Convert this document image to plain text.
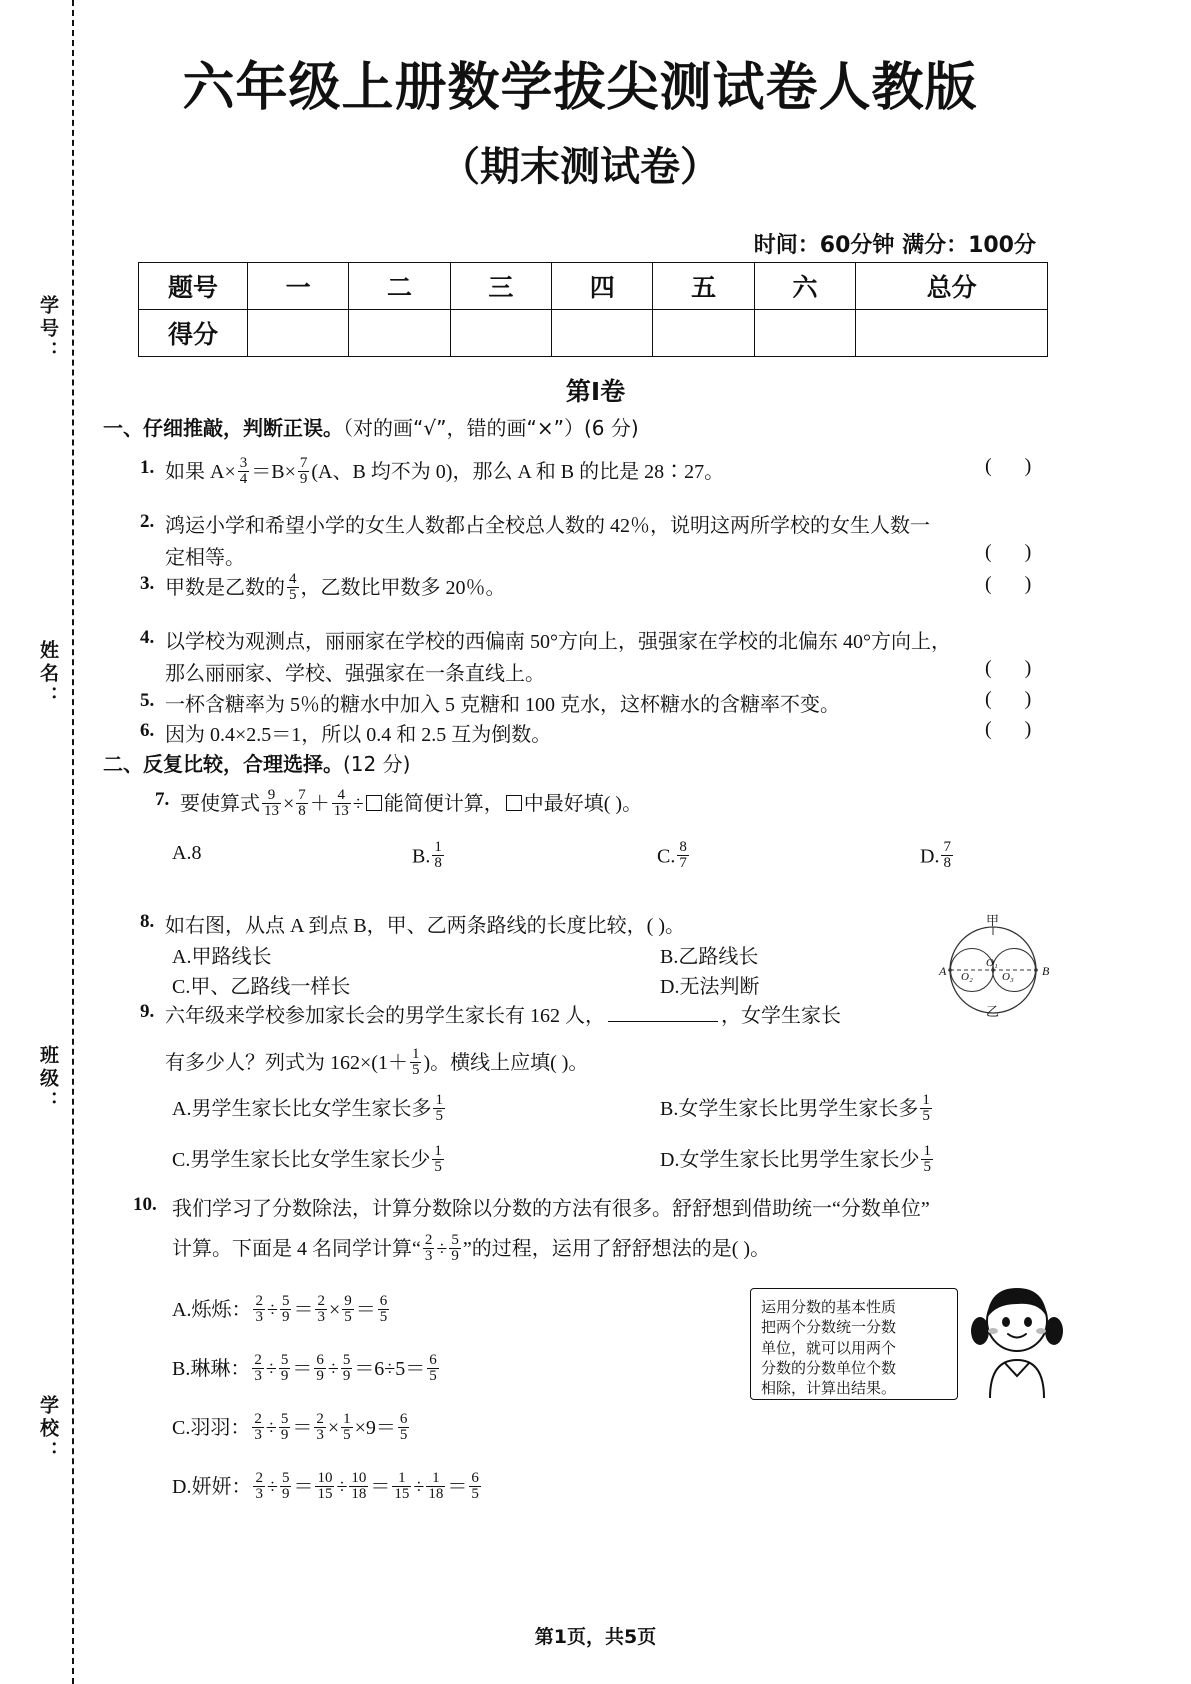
学号：
姓名：
班级：
学校：
六年级上册数学拔尖测试卷人教版
（期末测试卷）
时间：60分钟 满分：100分
题号	一	二	三	四	五	六	总分
得分							
第Ⅰ卷
一、仔细推敲，判断正误。（对的画“√”，错的画“×”）(6 分)
1. 如果 $A\times \frac{3}{4} =B\times \frac{7}{9} (A$、B 均不为 0)，那么 A 和 B 的比是 28∶27。	( )
2. 鸿运小学和希望小学的女生人数都占全校总人数的 42％，说明这两所学校的女生人数一
定相等。	( )
3. 甲数是乙数的 $\frac{4}{5}$ ，乙数比甲数多 20％。	( )
4. 以学校为观测点，丽丽家在学校的西偏南 50°方向上，强强家在学校的北偏东 40°方向上，
那么丽丽家、学校、强强家在一条直线上。	( )
5. 一杯含糖率为 5％的糖水中加入 5 克糖和 100 克水，这杯糖水的含糖率不变。	( )
6. 因为 0.4×2.5＝1，所以 0.4 和 2.5 互为倒数。	( )
二、反复比较，合理选择。(12 分)
7. 要使算式 $\frac{9}{13} \times \frac{7}{8} + \frac{4}{13}$ ÷ 能简便计算， 中最好填( )。
A.8	B. $\frac{1}{8}$	C. $\frac{8}{7}$	D. $\frac{7}{8}$
8. 如右图，从点 A 到点 B，甲、乙两条路线的长度比较，( )。
A.甲路线长	B.乙路线长
C.甲、乙路线一样长	D.无法判断
A	B
O₁
O₂	O₃
甲
乙
9. 六年级来学校参加家长会的男学生家长有 162 人，	，女学生家长
有多少人？列式为 $162\times(1+ \frac{1}{5}$ )。横线上应填( )。
A.男学生家长比女学生家长多 $\frac{1}{5}$	B.女学生家长比男学生家长多 $\frac{1}{5}$
C.男学生家长比女学生家长少 $\frac{1}{5}$	D.女学生家长比男学生家长少 $\frac{1}{5}$
10. 我们学习了分数除法，计算分数除以分数的方法有很多。舒舒想到借助统一“分数单位”
计算。下面是 4 名同学计算“ $\frac{2}{3} \div \frac{5}{9}$ ”的过程，运用了舒舒想法的是( )。
A.烁烁： $\frac{2}{3} \div \frac{5}{9} = \frac{2}{3} \times \frac{9}{5} = \frac{6}{5}$
B.琳琳： $\frac{2}{3} \div \frac{5}{9} = \frac{6}{9} \div \frac{5}{9} =6\div 5= \frac{6}{5}$
C.羽羽： $\frac{2}{3} \div \frac{5}{9} = \frac{2}{3} \times \frac{1}{5} \times 9= \frac{6}{5}$
D.妍妍： $\frac{2}{3} \div \frac{5}{9} = \frac{10}{15} \div \frac{10}{18} = \frac{1}{15} \div \frac{1}{18} = \frac{6}{5}$
运用分数的基本性质
把两个分数统一分数
单位，就可以用两个
分数的分数单位个数
相除，计算出结果。
第1页，共5页
